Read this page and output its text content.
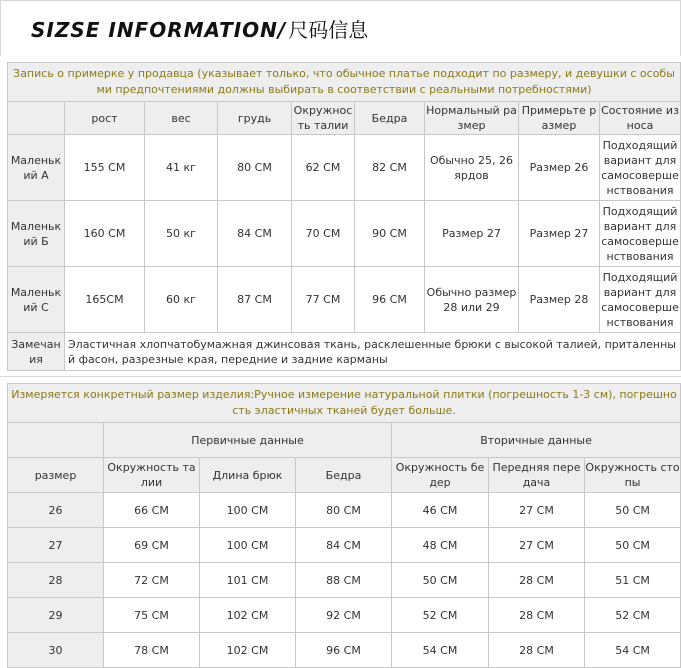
SIZSE INFORMATION/ 尺码信息
Запись о примерке у продавца (указывает только, что обычное платье подходит по размеру, и девушки с особыми предпочтениями должны выбирать в соответствии с реальными потребностями)								
	рост	вес	грудь	Окружность талии	Бедра	Нормальный размер	Примерьте размер	Состояние износа
Маленький А	155 CM	41 кг	80 CM	62 CM	82 CM	Обычно 25, 26 ярдов	Размер 26	Подходящий вариант для самосовершенствования
Маленький Б	160 CM	50 кг	84 CM	70 CM	90 CM	Размер 27	Размер 27	Подходящий вариант для самосовершенствования
Маленький С	165CM	60 кг	87 CM	77 CM	96 CM	Обычно размер 28 или 29	Размер 28	Подходящий вариант для самосовершенствования
Замечания	Эластичная хлопчатобумажная джинсовая ткань, расклешенные брюки с высокой талией, приталенный фасон, разрезные края, передние и задние карманы							
Измеряется конкретный размер изделия:Ручное измерение натуральной плитки (погрешность 1-3 см), погрешность эластичных тканей будет больше.						
	Первичные данные			Вторичные данные		
размер	Окружность талии	Длина брюк	Бедра	Окружность бедер	Передняя передача	Окружность стопы
26	66 CM	100 CM	80 CM	46 CM	27 CM	50 CM
27	69 CM	100 CM	84 CM	48 CM	27 CM	50 CM
28	72 CM	101 CM	88 CM	50 CM	28 CM	51 CM
29	75 CM	102 CM	92 CM	52 CM	28 CM	52 CM
30	78 CM	102 CM	96 CM	54 CM	28 CM	54 CM
